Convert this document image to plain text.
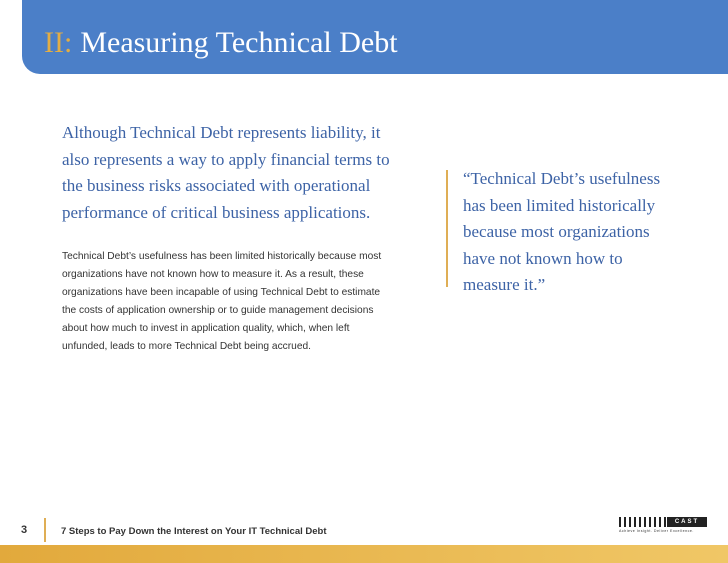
II: Measuring Technical Debt

Although Technical Debt represents liability, it also represents a way to apply financial terms to the business risks associated with operational performance of critical business applications.

Technical Debt’s usefulness has been limited historically because most organizations have not known how to measure it. As a result, these organizations have been incapable of using Technical Debt to estimate the costs of application ownership or to guide management decisions about how much to invest in application quality, which, when left unfunded, leads to more Technical Debt being accrued.

“Technical Debt’s usefulness has been limited historically because most organizations have not known how to measure it.”

3	7 Steps to Pay Down the Interest on Your IT Technical Debt
CAST
Achieve Insight. Deliver Excellence.
